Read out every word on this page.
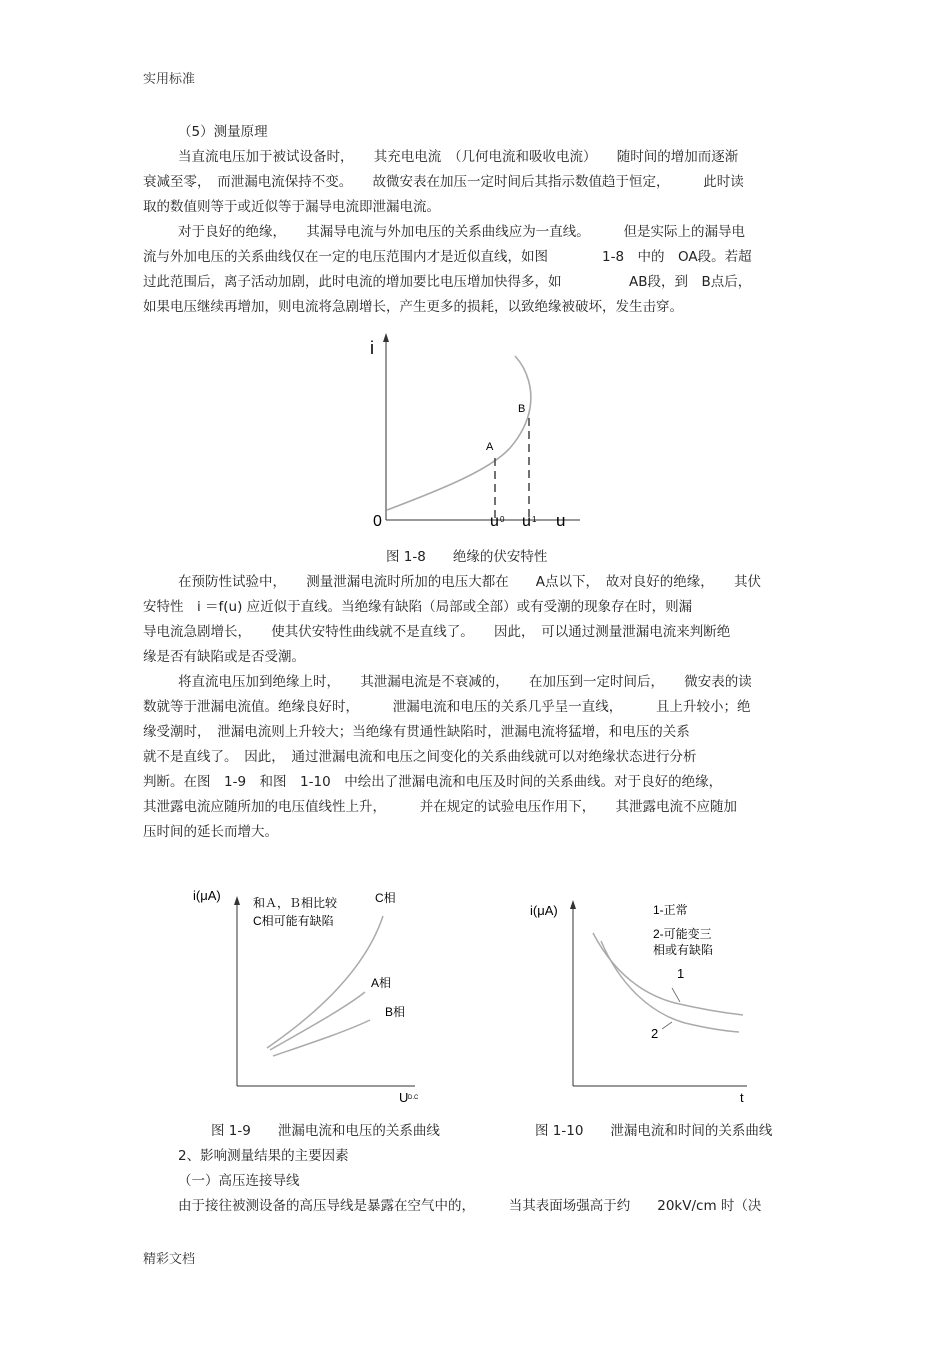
实用标准
（5）测量原理
当直流电压加于被试设备时，　　其充电电流　（几何电流和吸收电流）　　随时间的增加而逐渐
衰减至零，　而泄漏电流保持不变。　　故微安表在加压一定时间后其指示数值趋于恒定，　　　此时读
取的数值则等于或近似等于漏导电流即泄漏电流。
对于良好的绝缘，　　其漏导电流与外加电压的关系曲线应为一直线。　　　但是实际上的漏导电
流与外加电压的关系曲线仅在一定的电压范围内才是近似直线，如图　　　　1-8　中的　OA段。若超
过此范围后，离子活动加剧，此时电流的增加要比电压增加快得多，如　　　　　AB段，到　B点后，
如果电压继续再增加，则电流将急剧增长，产生更多的损耗，以致绝缘被破坏，发生击穿。
i
u
0
A
B
u 0 u 1
图 1-8　　绝缘的伏安特性
在预防性试验中，　　测量泄漏电流时所加的电压大都在　　A点以下，　故对良好的绝缘，　　其伏
安特性　i ＝f(u) 应近似于直线。当绝缘有缺陷（局部或全部）或有受潮的现象存在时，则漏
导电流急剧增长，　　使其伏安特性曲线就不是直线了。　　因此，　可以通过测量泄漏电流来判断绝
缘是否有缺陷或是否受潮。
将直流电压加到绝缘上时，　　其泄漏电流是不衰减的，　　在加压到一定时间后，　　微安表的读
数就等于泄漏电流值。绝缘良好时，　　　泄漏电流和电压的关系几乎呈一直线，　　　且上升较小；绝
缘受潮时，　泄漏电流则上升较大；当绝缘有贯通性缺陷时，泄漏电流将猛增，和电压的关系
就不是直线了。　因此，　通过泄漏电流和电压之间变化的关系曲线就可以对绝缘状态进行分析
判断。在图　1-9　和图　1-10　中绘出了泄漏电流和电压及时间的关系曲线。对于良好的绝缘，
其泄露电流应随所加的电压值线性上升，　　　并在规定的试验电压作用下，　　其泄露电流不应随加
压时间的延长而增大。
i(μA)
U D.C
和Ａ，Ｂ相比较
C相可能有缺陷
C相
A相
B相
i(μA)
t
1-正常
2-可能变三
相或有缺陷
1
2
图 1-9　　泄漏电流和电压的关系曲线	图 1-10　　泄漏电流和时间的关系曲线
2、影响测量结果的主要因素
（一）高压连接导线
由于接往被测设备的高压导线是暴露在空气中的，　　　当其表面场强高于约　　20kV/cm 时（决
精彩文档
